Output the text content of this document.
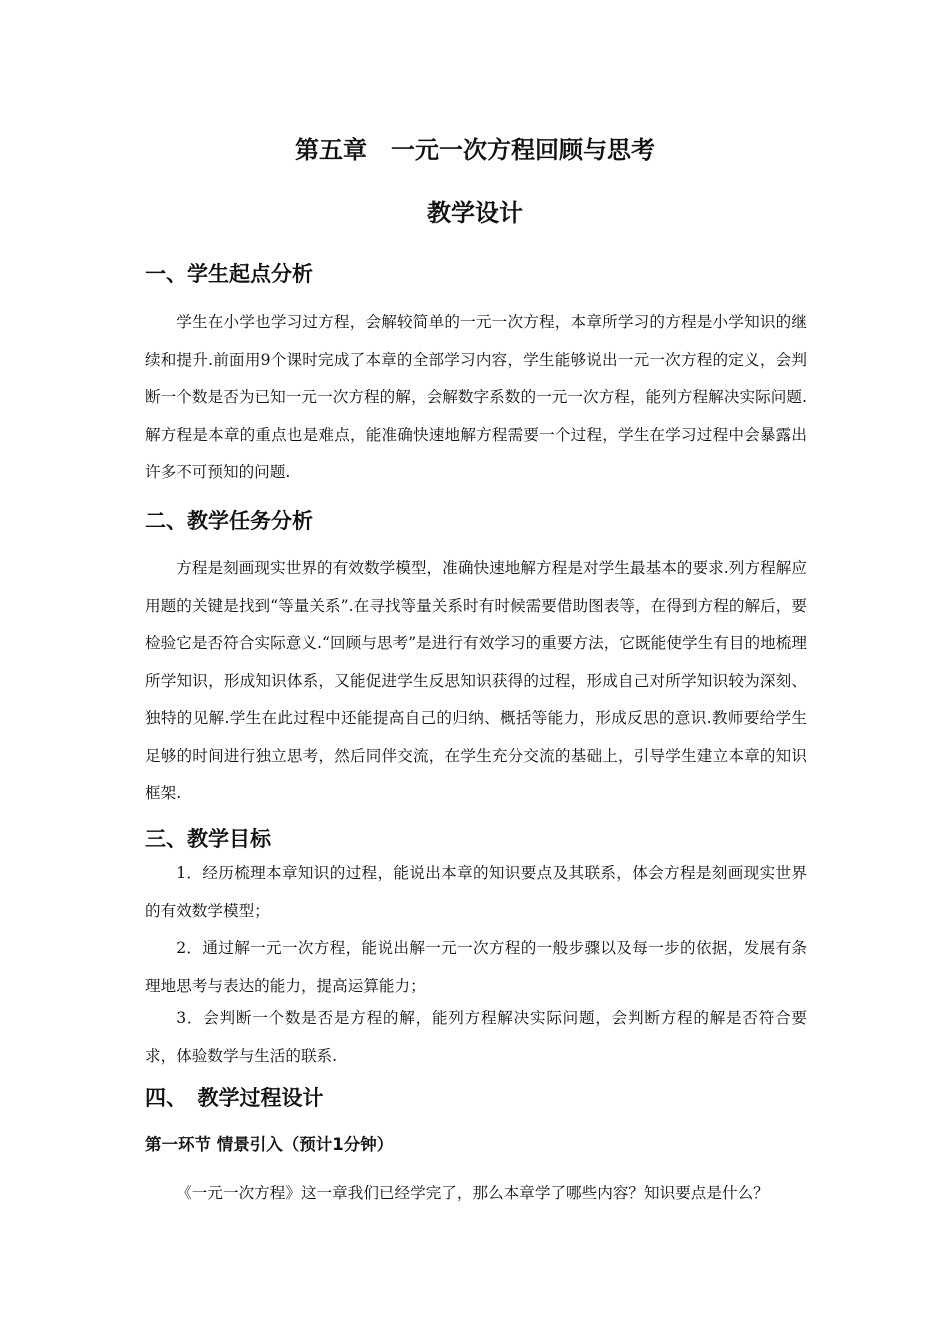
第五章　一元一次方程回顾与思考
教学设计
一、学生起点分析

学生在小学也学习过方程，会解较简单的一元一次方程，本章所学习的方程是小学知识的继续和提升.前面用9个课时完成了本章的全部学习内容，学生能够说出一元一次方程的定义，会判断一个数是否为已知一元一次方程的解，会解数字系数的一元一次方程，能列方程解决实际问题.解方程是本章的重点也是难点，能准确快速地解方程需要一个过程，学生在学习过程中会暴露出许多不可预知的问题.

二、教学任务分析

方程是刻画现实世界的有效数学模型，准确快速地解方程是对学生最基本的要求.列方程解应用题的关键是找到“等量关系”.在寻找等量关系时有时候需要借助图表等，在得到方程的解后，要检验它是否符合实际意义.“回顾与思考”是进行有效学习的重要方法，它既能使学生有目的地梳理所学知识，形成知识体系，又能促进学生反思知识获得的过程，形成自己对所学知识较为深刻、独特的见解.学生在此过程中还能提高自己的归纳、概括等能力，形成反思的意识.教师要给学生足够的时间进行独立思考，然后同伴交流，在学生充分交流的基础上，引导学生建立本章的知识框架.

三、教学目标

1．经历梳理本章知识的过程，能说出本章的知识要点及其联系，体会方程是刻画现实世界的有效数学模型；

2．通过解一元一次方程，能说出解一元一次方程的一般步骤以及每一步的依据，发展有条理地思考与表达的能力，提高运算能力；

3．会判断一个数是否是方程的解，能列方程解决实际问题，会判断方程的解是否符合要求，体验数学与生活的联系.

四、　教学过程设计
第一环节 情景引入（预计1分钟）

《一元一次方程》这一章我们已经学完了，那么本章学了哪些内容？知识要点是什么？
